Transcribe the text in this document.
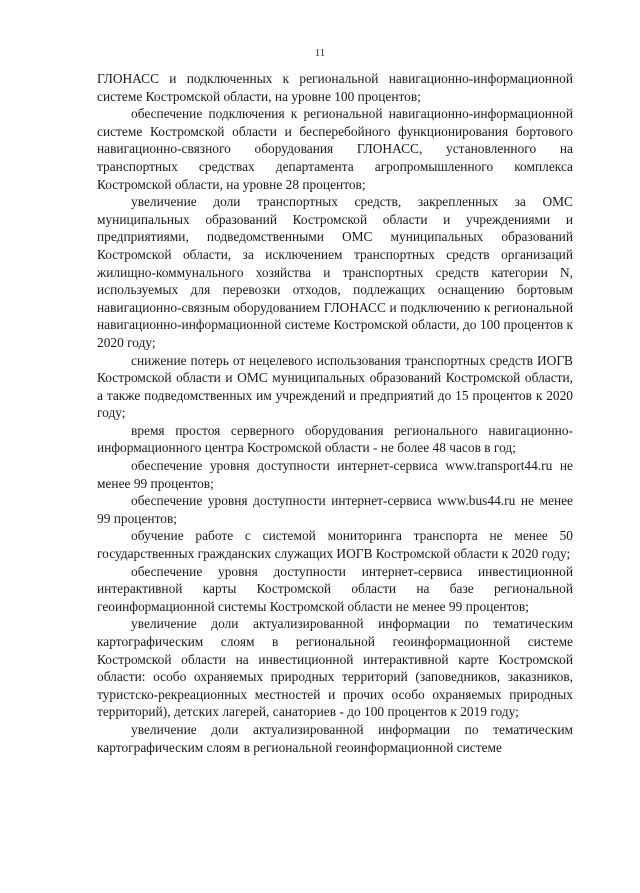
11

ГЛОНАСС и подключенных к региональной навигационно-информационной системе Костромской области, на уровне 100 процентов;

обеспечение подключения к региональной навигационно-информационной системе Костромской области и бесперебойного функционирования бортового навигационно-связного оборудования ГЛОНАСС, установленного на транспортных средствах департамента агропромышленного комплекса Костромской области, на уровне 28 процентов;

увеличение доли транспортных средств, закрепленных за ОМС муниципальных образований Костромской области и учреждениями и предприятиями, подведомственными ОМС муниципальных образований Костромской области, за исключением транспортных средств организаций жилищно-коммунального хозяйства и транспортных средств категории N, используемых для перевозки отходов, подлежащих оснащению бортовым навигационно-связным оборудованием ГЛОНАСС и подключению к региональной навигационно-информационной системе Костромской области, до 100 процентов к 2020 году;

снижение потерь от нецелевого использования транспортных средств ИОГВ Костромской области и ОМС муниципальных образований Костромской области, а также подведомственных им учреждений и предприятий до 15 процентов к 2020 году;

время простоя серверного оборудования регионального навигационно-информационного центра Костромской области - не более 48 часов в год;

обеспечение уровня доступности интернет-сервиса www.transport44.ru не менее 99 процентов;

обеспечение уровня доступности интернет-сервиса www.bus44.ru не менее 99 процентов;

обучение работе с системой мониторинга транспорта не менее 50 государственных гражданских служащих ИОГВ Костромской области к 2020 году;

обеспечение уровня доступности интернет-сервиса инвестиционной интерактивной карты Костромской области на базе региональной геоинформационной системы Костромской области не менее 99 процентов;

увеличение доли актуализированной информации по тематическим картографическим слоям в региональной геоинформационной системе Костромской области на инвестиционной интерактивной карте Костромской области: особо охраняемых природных территорий (заповедников, заказников, туристско-рекреационных местностей и прочих особо охраняемых природных территорий), детских лагерей, санаториев - до 100 процентов к 2019 году;

увеличение доли актуализированной информации по тематическим картографическим слоям в региональной геоинформационной системе
